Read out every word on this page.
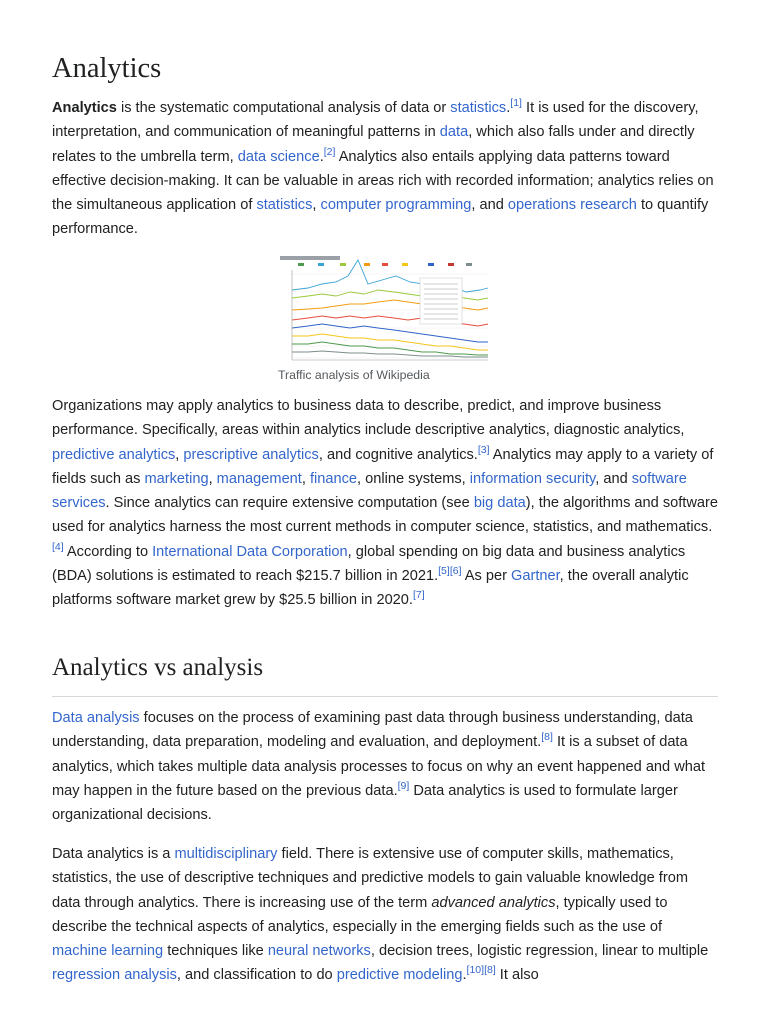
Analytics

Analytics is the systematic computational analysis of data or statistics.[1] It is used for the discovery, interpretation, and communication of meaningful patterns in data, which also falls under and directly relates to the umbrella term, data science.[2] Analytics also entails applying data patterns toward effective decision-making. It can be valuable in areas rich with recorded information; analytics relies on the simultaneous application of statistics, computer programming, and operations research to quantify performance.

Traffic analysis of Wikipedia

Organizations may apply analytics to business data to describe, predict, and improve business performance. Specifically, areas within analytics include descriptive analytics, diagnostic analytics, predictive analytics, prescriptive analytics, and cognitive analytics.[3] Analytics may apply to a variety of fields such as marketing, management, finance, online systems, information security, and software services. Since analytics can require extensive computation (see big data), the algorithms and software used for analytics harness the most current methods in computer science, statistics, and mathematics.[4] According to International Data Corporation, global spending on big data and business analytics (BDA) solutions is estimated to reach $215.7 billion in 2021.[5][6] As per Gartner, the overall analytic platforms software market grew by $25.5 billion in 2020.[7]

Analytics vs analysis

Data analysis focuses on the process of examining past data through business understanding, data understanding, data preparation, modeling and evaluation, and deployment.[8] It is a subset of data analytics, which takes multiple data analysis processes to focus on why an event happened and what may happen in the future based on the previous data.[9] Data analytics is used to formulate larger organizational decisions.

Data analytics is a multidisciplinary field. There is extensive use of computer skills, mathematics, statistics, the use of descriptive techniques and predictive models to gain valuable knowledge from data through analytics. There is increasing use of the term advanced analytics, typically used to describe the technical aspects of analytics, especially in the emerging fields such as the use of machine learning techniques like neural networks, decision trees, logistic regression, linear to multiple regression analysis, and classification to do predictive modeling.[10][8] It also
